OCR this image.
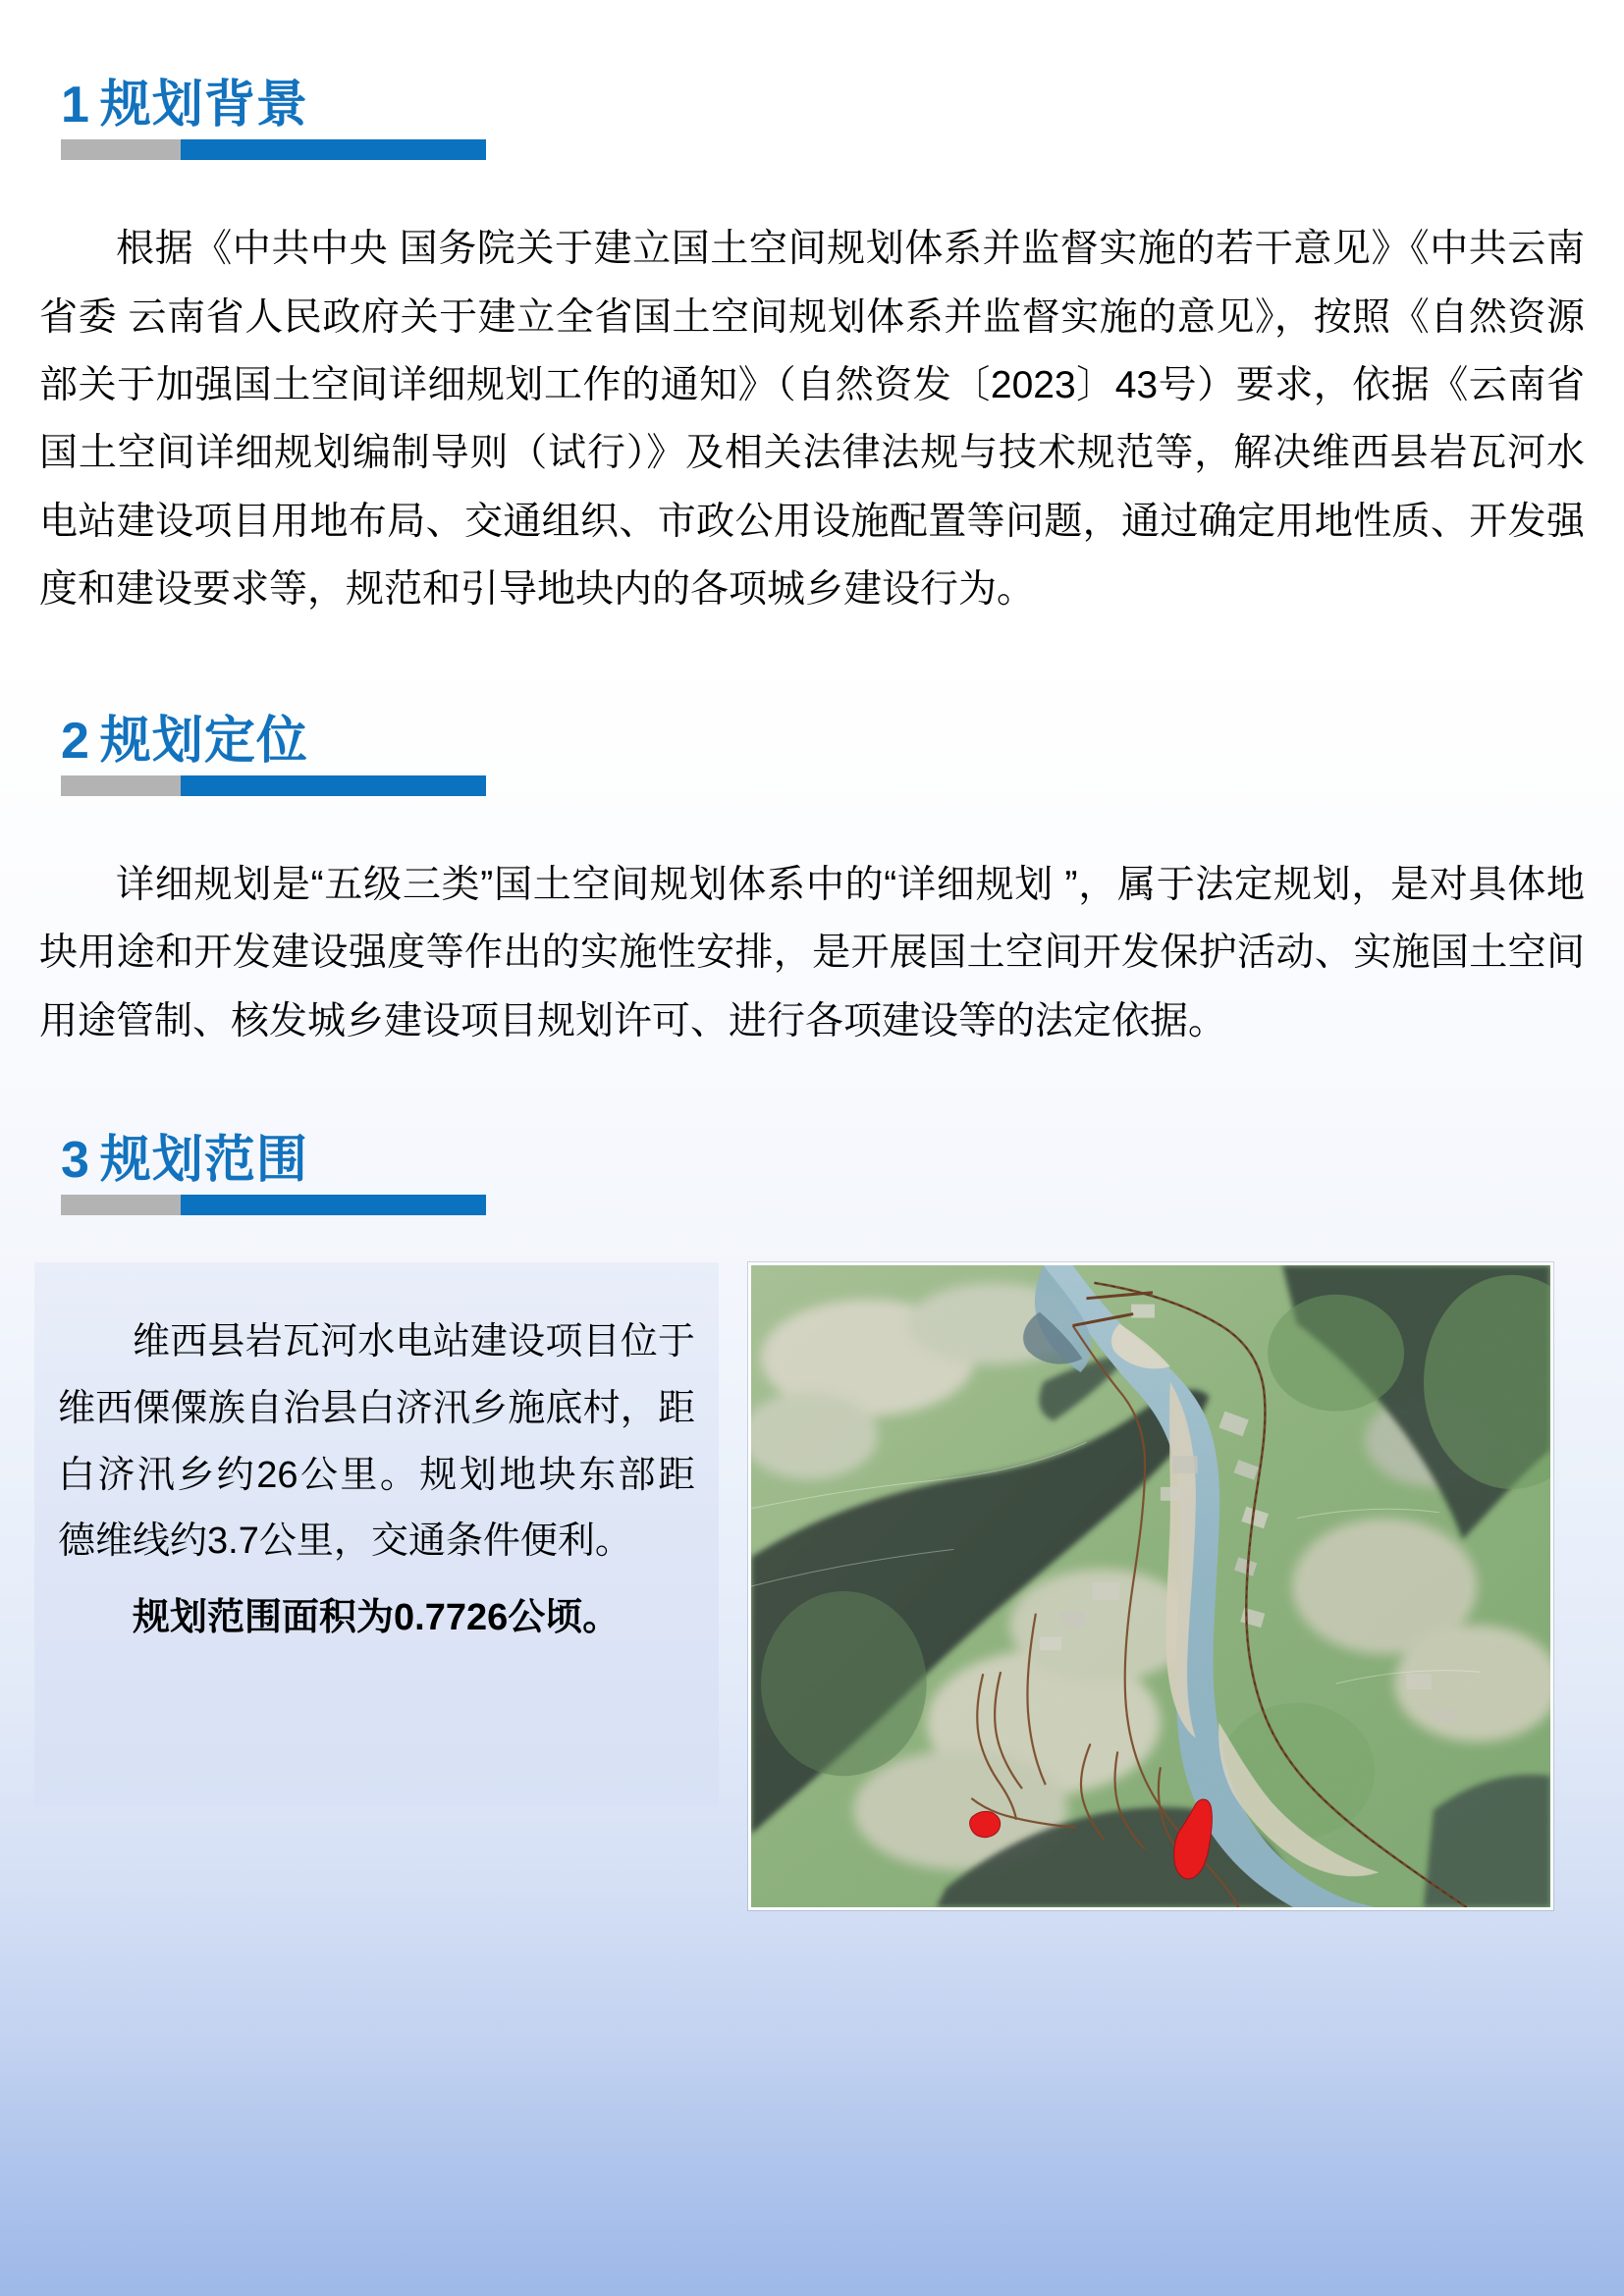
1 规划背景

根据《中共中央 国务院关于建立国土空间规划体系并监督实施的若干意见》《中共云南省委 云南省人民政府关于建立全省国土空间规划体系并监督实施的意见》，按照《自然资源部关于加强国土空间详细规划工作的通知》（自然资发〔2023〕43号）要求，依据《云南省国土空间详细规划编制导则（试行）》及相关法律法规与技术规范等，解决维西县岩瓦河水电站建设项目用地布局、交通组织、市政公用设施配置等问题，通过确定用地性质、开发强度和建设要求等，规范和引导地块内的各项城乡建设行为。

2 规划定位

详细规划是“五级三类”国土空间规划体系中的“详细规划 ”，属于法定规划，是对具体地块用途和开发建设强度等作出的实施性安排，是开展国土空间开发保护活动、实施国土空间用途管制、核发城乡建设项目规划许可、进行各项建设等的法定依据。

3 规划范围

维西县岩瓦河水电站建设项目位于维西傈僳族自治县白济汛乡施底村，距白济汛乡约26公里。规划地块东部距德维线约3.7公里，交通条件便利。

规划范围面积为0.7726公顷。
